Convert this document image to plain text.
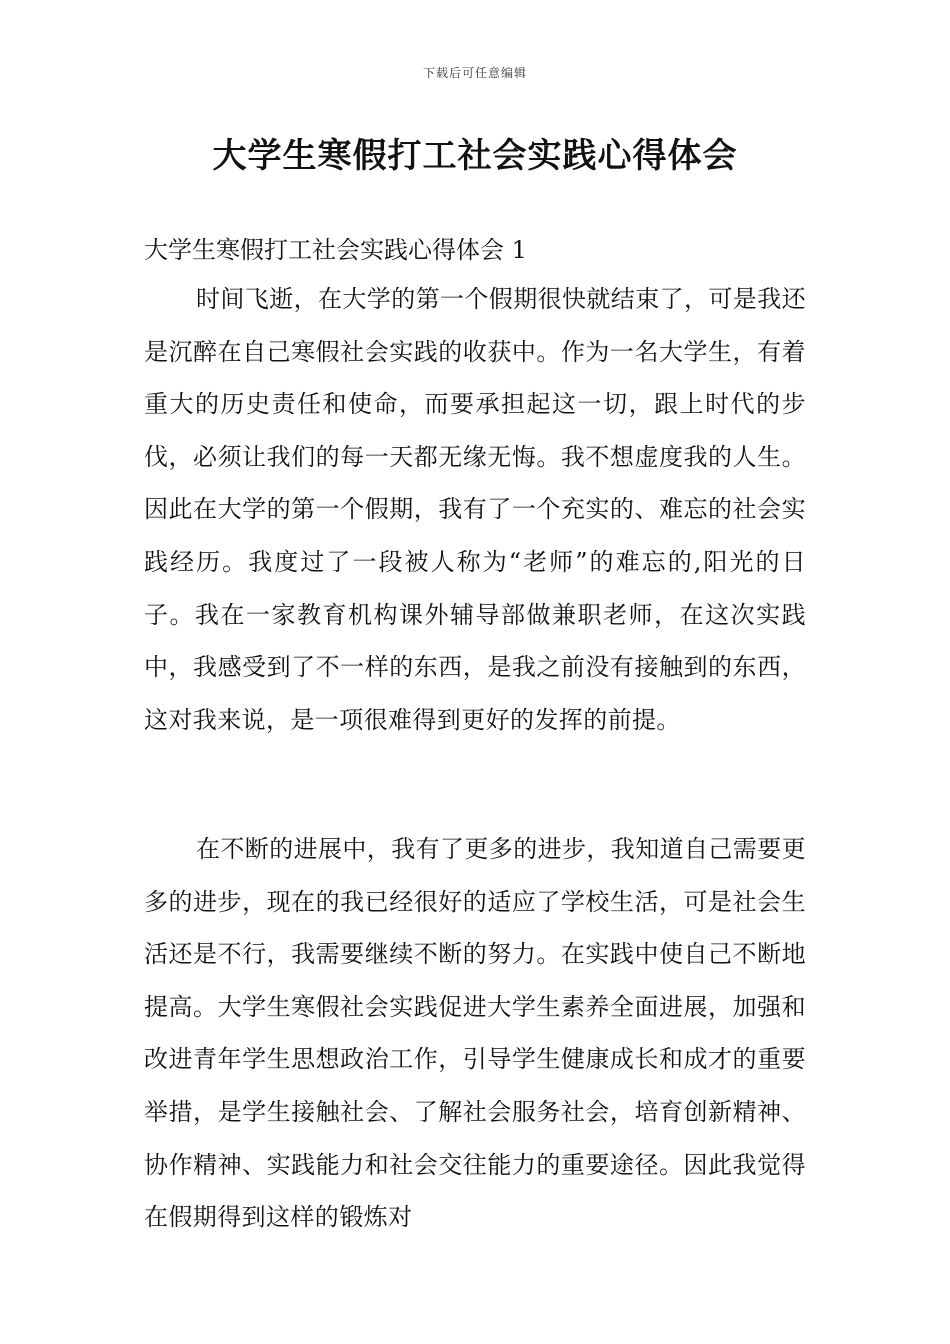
下载后可任意编辑
大学生寒假打工社会实践心得体会
大学生寒假打工社会实践心得体会 1

时间飞逝，在大学的第一个假期很快就结束了，可是我还是沉醉在自己寒假社会实践的收获中。作为一名大学生，有着重大的历史责任和使命，而要承担起这一切，跟上时代的步伐，必须让我们的每一天都无缘无悔。我不想虚度我的人生。因此在大学的第一个假期，我有了一个充实的、难忘的社会实践经历。我度过了一段被人称为“老师”的难忘的,阳光的日子。我在一家教育机构课外辅导部做兼职老师，在这次实践中，我感受到了不一样的东西，是我之前没有接触到的东西，这对我来说，是一项很难得到更好的发挥的前提。

在不断的进展中，我有了更多的进步，我知道自己需要更多的进步，现在的我已经很好的适应了学校生活，可是社会生活还是不行，我需要继续不断的努力。在实践中使自己不断地提高。大学生寒假社会实践促进大学生素养全面进展，加强和改进青年学生思想政治工作，引导学生健康成长和成才的重要举措，是学生接触社会、了解社会服务社会，培育创新精神、协作精神、实践能力和社会交往能力的重要途径。因此我觉得在假期得到这样的锻炼对
